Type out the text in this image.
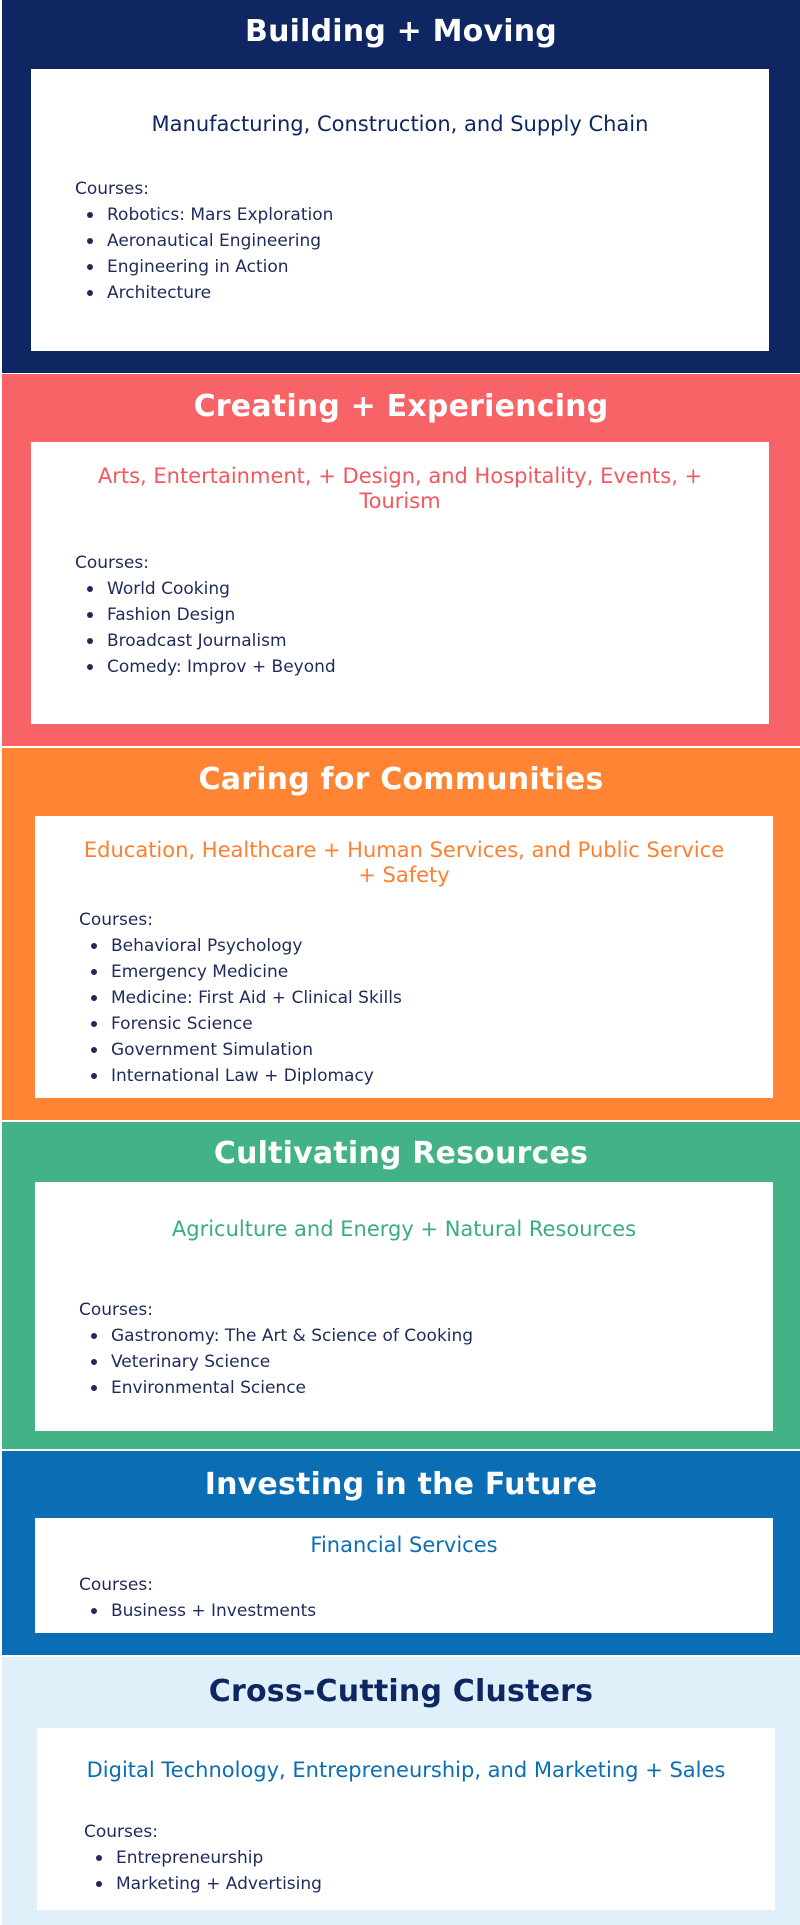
Building + Moving
Manufacturing, Construction, and Supply Chain
Courses:
Robotics: Mars Exploration
Aeronautical Engineering
Engineering in Action
Architecture
Creating + Experiencing
Arts, Entertainment, + Design, and Hospitality, Events, + Tourism
Courses:
World Cooking
Fashion Design
Broadcast Journalism
Comedy: Improv + Beyond
Caring for Communities
Education, Healthcare + Human Services, and Public Service + Safety
Courses:
Behavioral Psychology
Emergency Medicine
Medicine: First Aid + Clinical Skills
Forensic Science
Government Simulation
International Law + Diplomacy
Cultivating Resources
Agriculture and Energy + Natural Resources
Courses:
Gastronomy: The Art & Science of Cooking
Veterinary Science
Environmental Science
Investing in the Future
Financial Services
Courses:
Business + Investments
Cross-Cutting Clusters
Digital Technology, Entrepreneurship, and Marketing + Sales
Courses:
Entrepreneurship
Marketing + Advertising
